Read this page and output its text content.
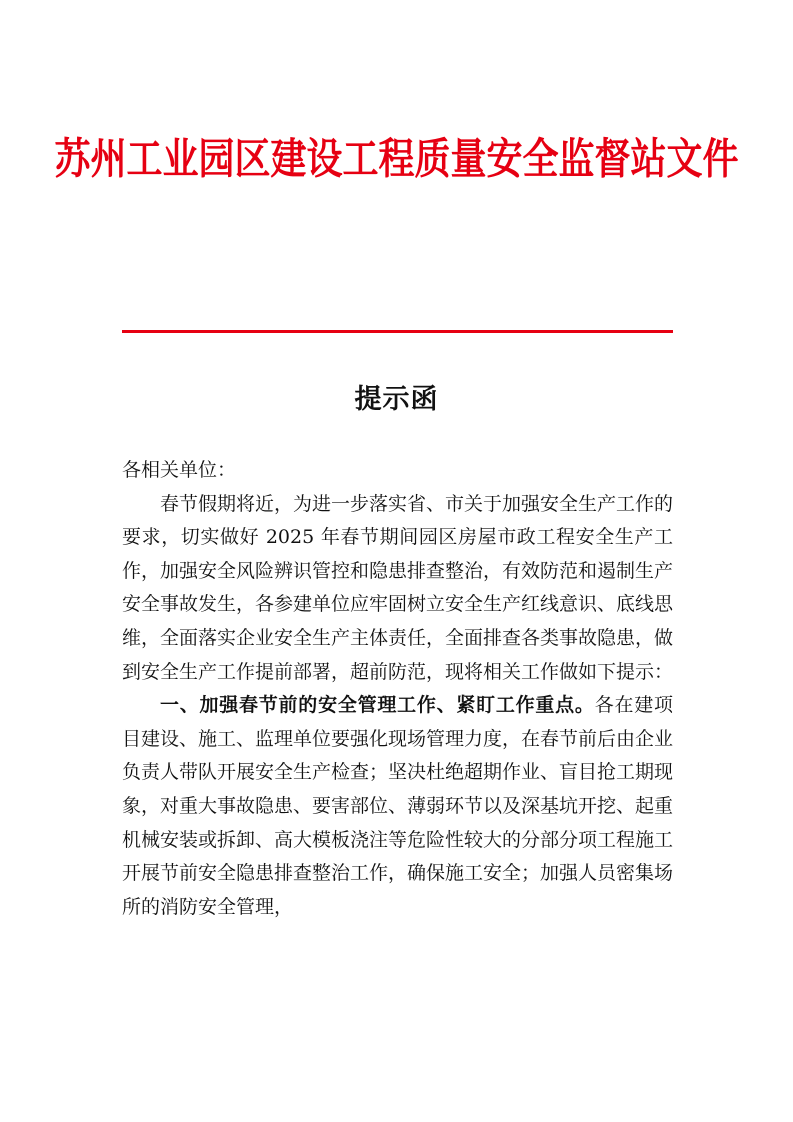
苏州工业园区建设工程质量安全监督站文件
提示函

各相关单位：

春节假期将近，为进一步落实省、市关于加强安全生产工作的要求，切实做好 2025 年春节期间园区房屋市政工程安全生产工作，加强安全风险辨识管控和隐患排查整治，有效防范和遏制生产安全事故发生，各参建单位应牢固树立安全生产红线意识、底线思维，全面落实企业安全生产主体责任，全面排查各类事故隐患，做到安全生产工作提前部署，超前防范，现将相关工作做如下提示：

一、加强春节前的安全管理工作、紧盯工作重点。各在建项目建设、施工、监理单位要强化现场管理力度，在春节前后由企业负责人带队开展安全生产检查；坚决杜绝超期作业、盲目抢工期现象，对重大事故隐患、要害部位、薄弱环节以及深基坑开挖、起重机械安装或拆卸、高大模板浇注等危险性较大的分部分项工程施工开展节前安全隐患排查整治工作，确保施工安全；加强人员密集场所的消防安全管理，
